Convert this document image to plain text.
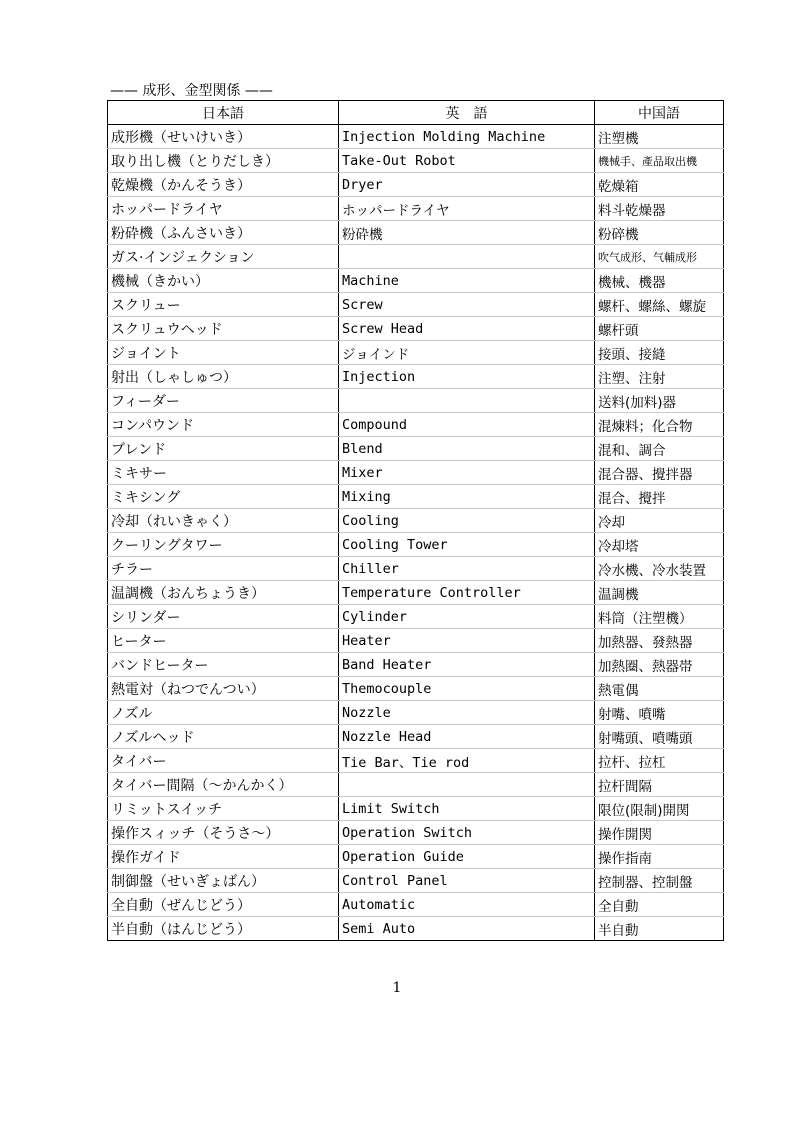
—— 成形、金型関係 ——
日本語	英　語	中国語
成形機（せいけいき）	Injection Molding Machine	注塑機
取り出し機（とりだしき）	Take-Out Robot	機械手、產品取出機
乾燥機（かんそうき）	Dryer	乾燥箱
ホッパードライヤ	ホッパードライヤ	料斗乾燥器
粉砕機（ふんさいき）	粉砕機	粉碎機
ガス·インジェクション		吹气成形、气輔成形
機械（きかい）	Machine	機械、機器
スクリュー	Screw	螺杆、螺絲、螺旋
スクリュウヘッド	Screw Head	螺杆頭
ジョイント	ジョインド	接頭、接縫
射出（しゃしゅつ）	Injection	注塑、注射
フィーダー		送料(加料)器
コンパウンド	Compound	混煉料；化合物
ブレンド	Blend	混和、調合
ミキサー	Mixer	混合器、攪拌器
ミキシング	Mixing	混合、攪拌
冷却（れいきゃく）	Cooling	冷却
クーリングタワー	Cooling Tower	冷却塔
チラー	Chiller	冷水機、冷水装置
温調機（おんちょうき）	Temperature Controller	温調機
シリンダー	Cylinder	料筒（注塑機）
ヒーター	Heater	加熱器、發熱器
バンドヒーター	Band Heater	加熱圈、熱器帯
熱電対（ねつでんつい）	Themocouple	熱電偶
ノズル	Nozzle	射嘴、噴嘴
ノズルヘッド	Nozzle Head	射嘴頭、噴嘴頭
タイバー	Tie Bar、Tie rod	拉杆、拉杠
タイバー間隔（～かんかく）		拉杆間隔
リミットスイッチ	Limit Switch	限位(限制)開関
操作スィッチ（そうさ～）	Operation Switch	操作開関
操作ガイド	Operation Guide	操作指南
制御盤（せいぎょばん）	Control Panel	控制器、控制盤
全自動（ぜんじどう）	Automatic	全自動
半自動（はんじどう）	Semi Auto	半自動
1
